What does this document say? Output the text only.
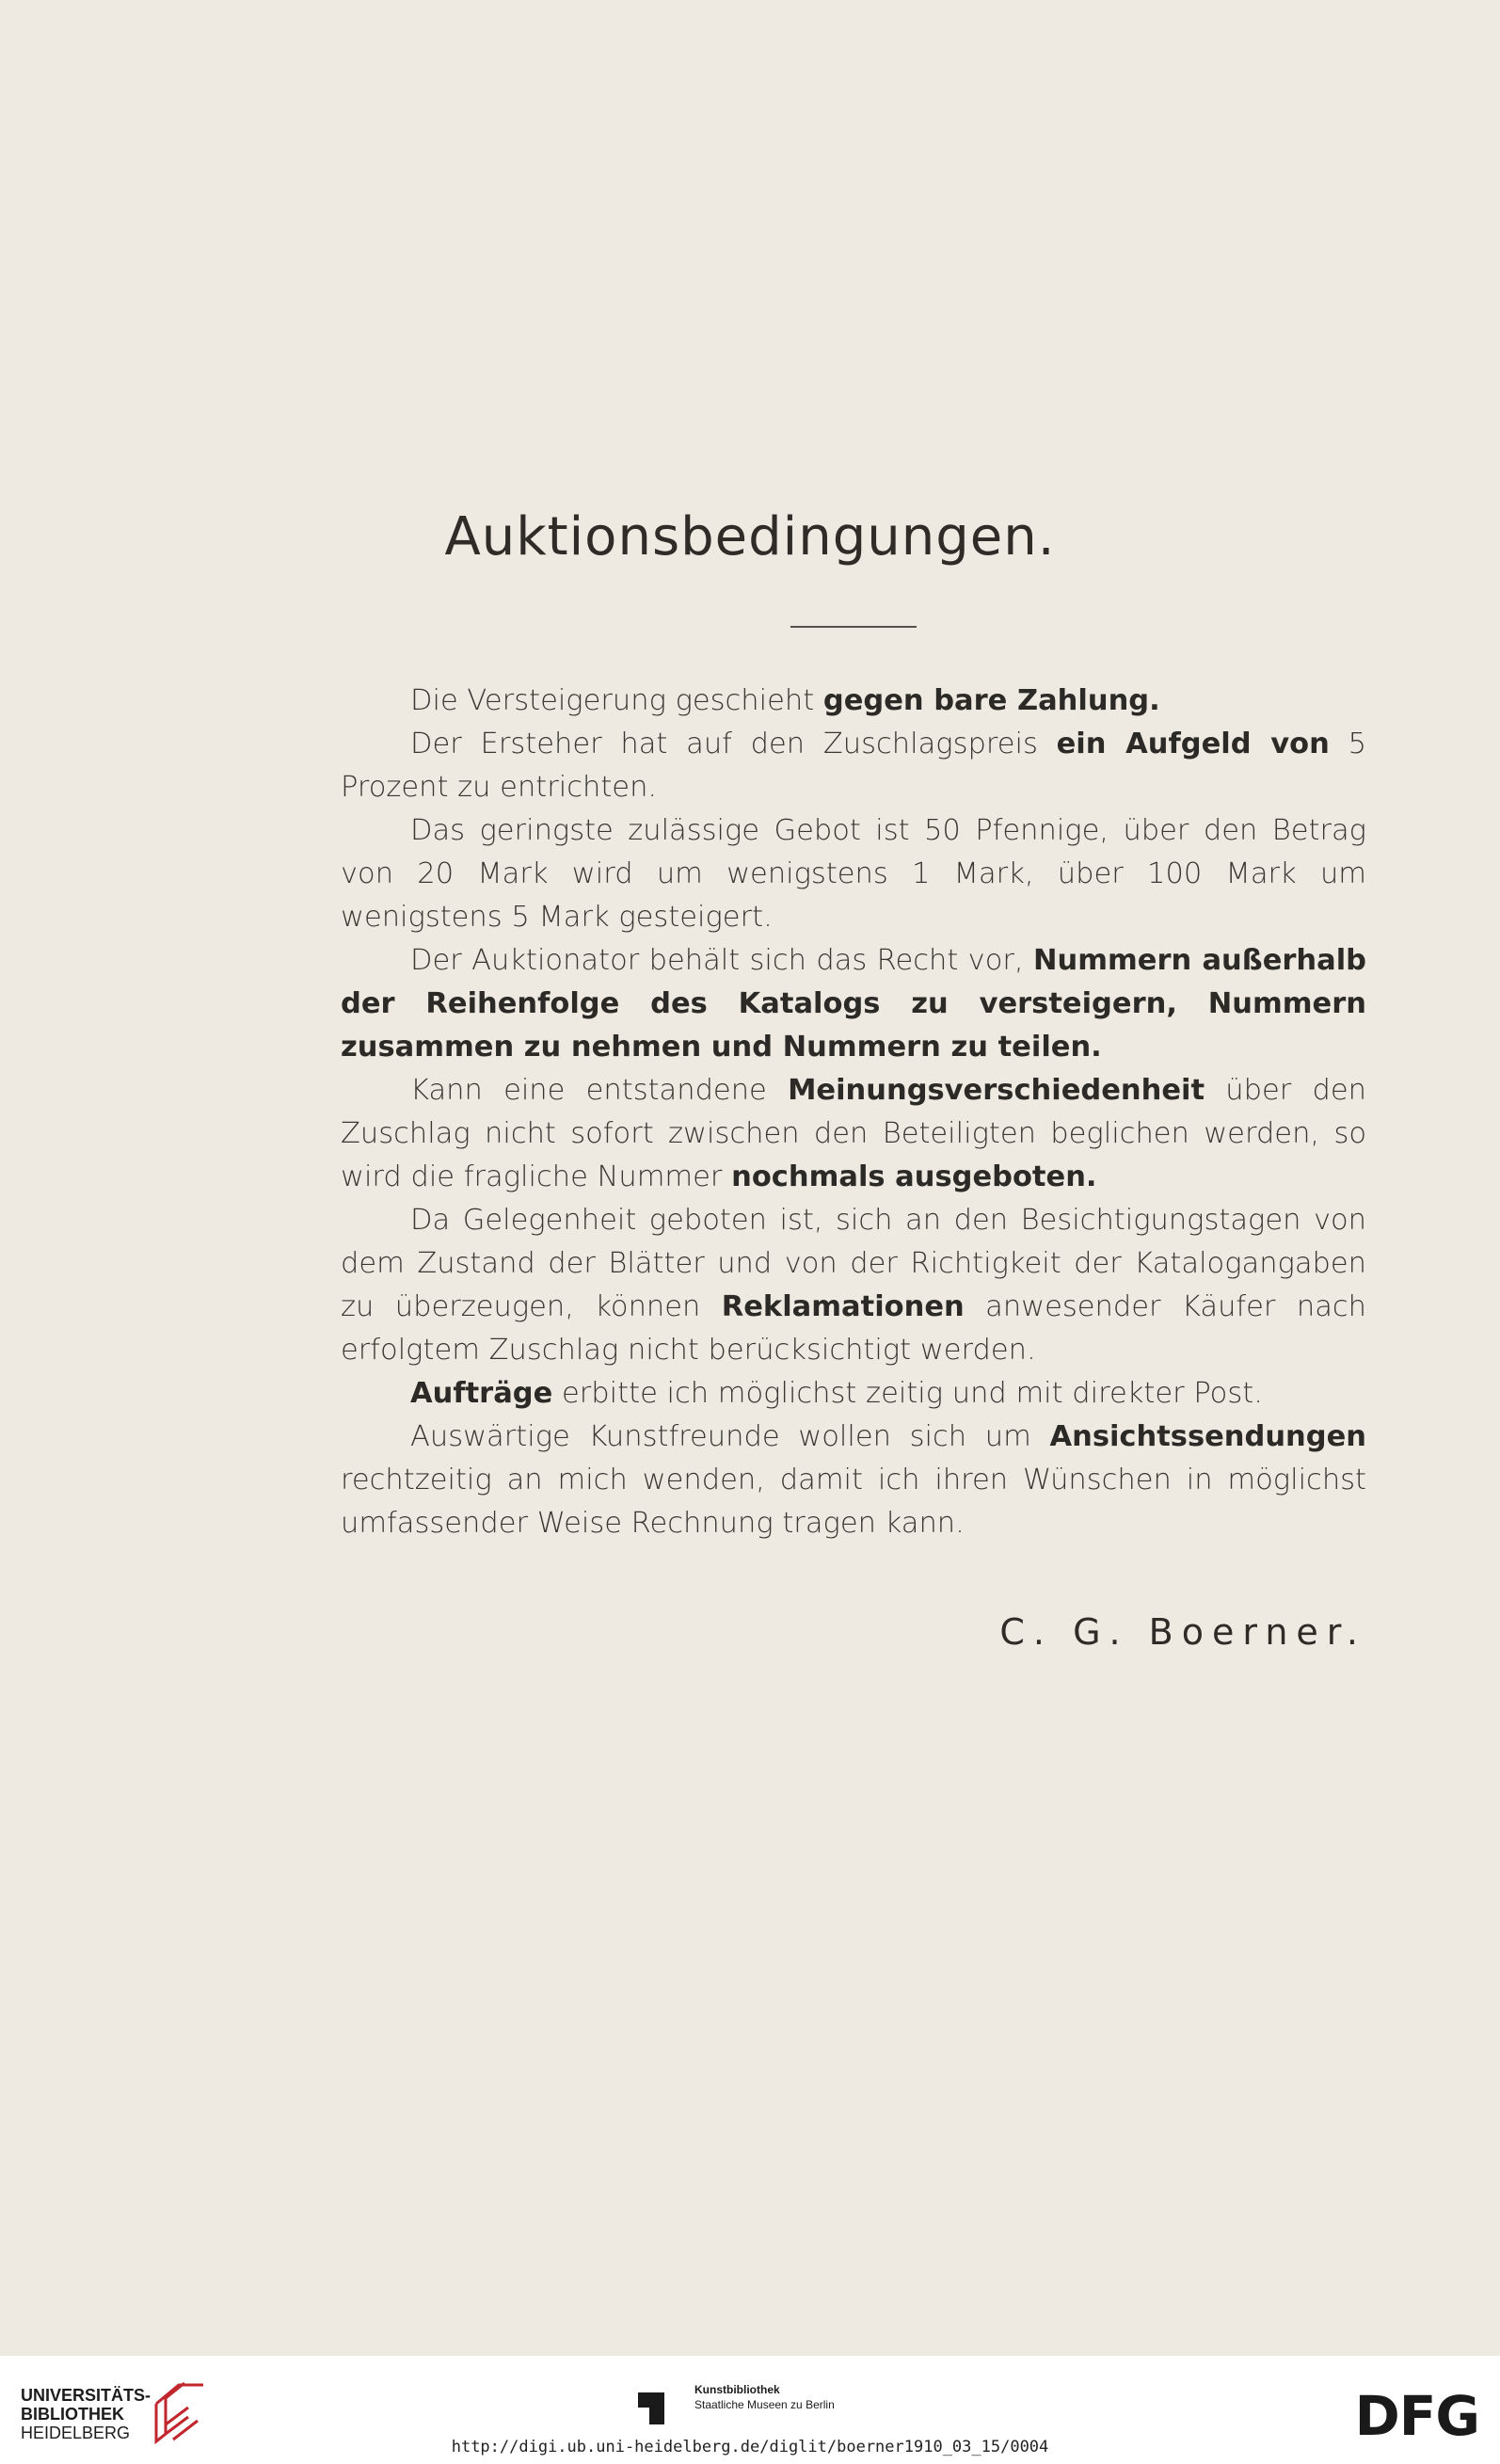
Auktionsbedingungen.

Die Versteigerung geschieht gegen bare Zahlung.

Der Ersteher hat auf den Zuschlagspreis ein Aufgeld von 5 Prozent zu entrichten.

Das geringste zulässige Gebot ist 50 Pfennige, über den Betrag von 20 Mark wird um wenigstens 1 Mark, über 100 Mark um wenigstens 5 Mark gesteigert.

Der Auktionator behält sich das Recht vor, Nummern außerhalb der Reihenfolge des Katalogs zu versteigern, Nummern zusammen zu nehmen und Nummern zu teilen.

Kann eine entstandene Meinungsverschiedenheit über den Zuschlag nicht sofort zwischen den Beteiligten beglichen werden, so wird die fragliche Nummer nochmals ausgeboten.

Da Gelegenheit geboten ist, sich an den Besichtigungstagen von dem Zustand der Blätter und von der Richtigkeit der Katalogangaben zu überzeugen, können Reklamationen anwesender Käufer nach erfolgtem Zuschlag nicht berücksichtigt werden.

Aufträge erbitte ich möglichst zeitig und mit direkter Post.

Auswärtige Kunstfreunde wollen sich um Ansichtssendungen rechtzeitig an mich wenden, damit ich ihren Wünschen in möglichst umfassender Weise Rechnung tragen kann.

C. G. Boerner.
UNIVERSITÄTS-
BIBLIOTHEK
HEIDELBERG
Kunstbibliothek
Staatliche Museen zu Berlin	DFG
http://digi.ub.uni-heidelberg.de/diglit/boerner1910_03_15/0004
